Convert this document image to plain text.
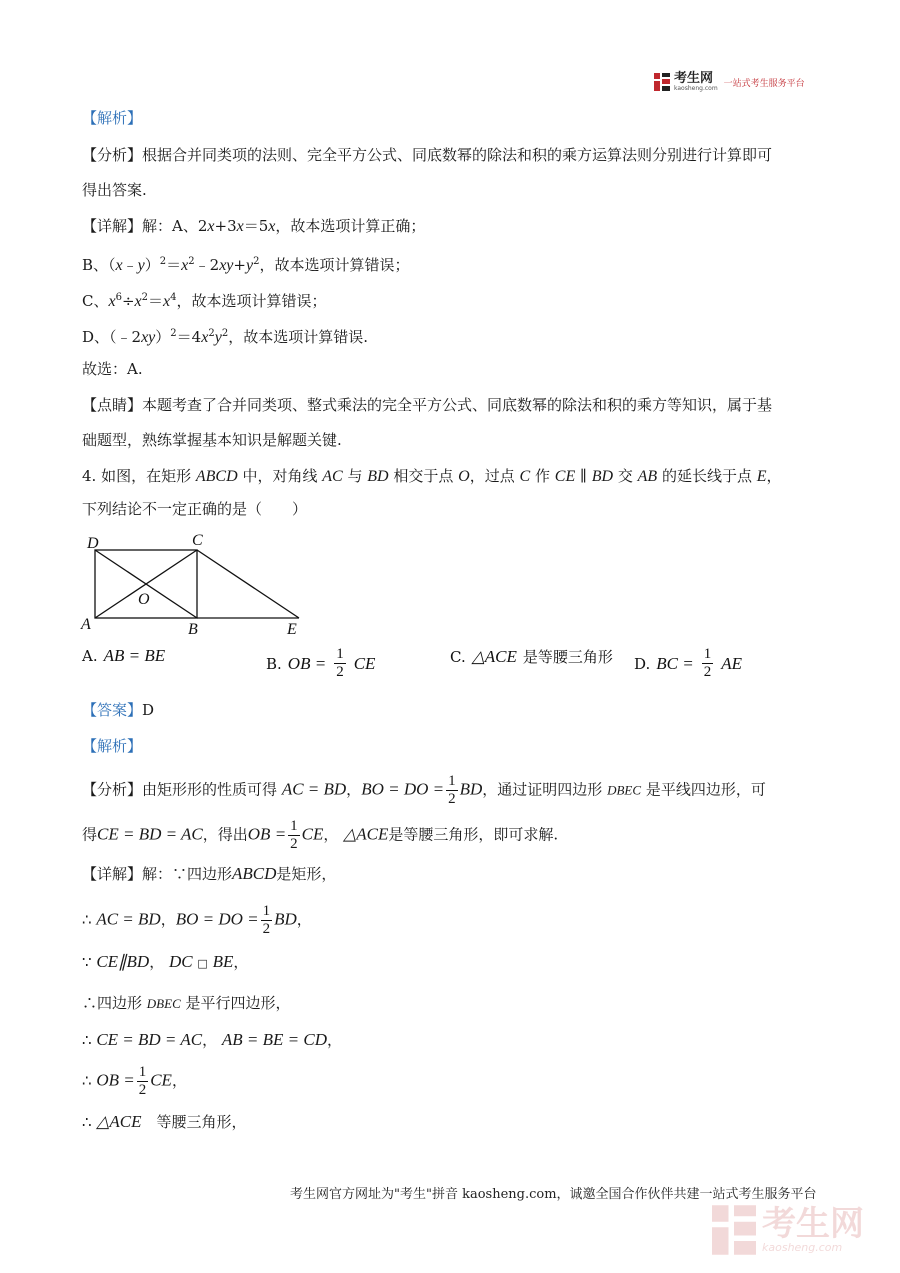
考生网
kaosheng.com 一站式考生服务平台
【解析】
【分析】根据合并同类项的法则、完全平方公式、同底数幂的除法和积的乘方运算法则分别进行计算即可
得出答案.
【详解】解：A、2x+3x＝5x，故本选项计算正确；
B、$(x﹣y)^2=x^2﹣2xy+y^2$，故本选项计算错误；
C、$x^6\div x^2=x^4$，故本选项计算错误；
D、$(﹣2xy)^2=4x^2y^2$，故本选项计算错误.
故选：A.
【点睛】本题考查了合并同类项、整式乘法的完全平方公式、同底数幂的除法和积的乘方等知识，属于基
础题型，熟练掌握基本知识是解题关键.
4. 如图，在矩形 ABCD 中，对角线 AC 与 BD 相交于点 O，过点 C 作 CE ∥ BD 交 AB 的延长线于点 E，
下列结论不一定正确的是（　　）
D	C
O
A	B	E
A. AB = BE	B. OB = $\frac{1}{2}$ CE	C. △ACE 是等腰三角形 D. BC = $\frac{1}{2}$ AE
【答案】D
【解析】
【分析】由矩形形的性质可得 AC = BD，BO = DO = $\frac{1}{2}$ BD，通过证明四边形 DBEC 是平线四边形，可
得CE = BD = AC，得出OB = $\frac{1}{2}$ CE， △ACE是等腰三角形，即可求解.
【详解】解：∵四边形ABCD是矩形，
∴ AC = BD，BO = DO = $\frac{1}{2}$ BD，
∵ CE∥BD， DC □ BE，
∴四边形 DBEC 是平行四边形，
∴ CE = BD = AC， AB = BE = CD，
∴ OB = $\frac{1}{2}$ CE，
∴ △ACE　 等腰三角形，
考生网官方网址为"考生"拼音 kaosheng.com，诚邀全国合作伙伴共建一站式考生服务平台
考生网
kaosheng.com
